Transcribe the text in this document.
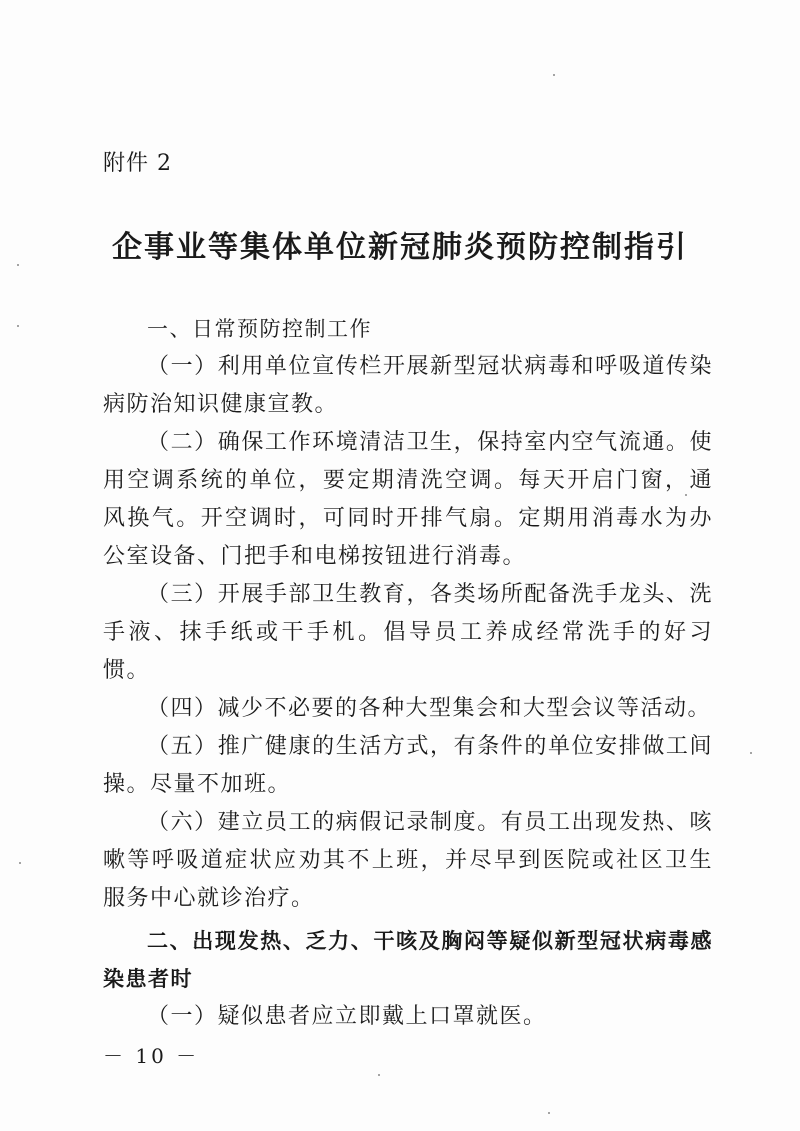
附件 2
企事业等集体单位新冠肺炎预防控制指引

一、日常预防控制工作

（一）利用单位宣传栏开展新型冠状病毒和呼吸道传染病防治知识健康宣教。

（二）确保工作环境清洁卫生，保持室内空气流通。使用空调系统的单位，要定期清洗空调。每天开启门窗，通风换气。开空调时，可同时开排气扇。定期用消毒水为办公室设备、门把手和电梯按钮进行消毒。

（三）开展手部卫生教育，各类场所配备洗手龙头、洗手液、抹手纸或干手机。倡导员工养成经常洗手的好习惯。

（四）减少不必要的各种大型集会和大型会议等活动。

（五）推广健康的生活方式，有条件的单位安排做工间操。尽量不加班。

（六）建立员工的病假记录制度。有员工出现发热、咳嗽等呼吸道症状应劝其不上班，并尽早到医院或社区卫生服务中心就诊治疗。

二、出现发热、乏力、干咳及胸闷等疑似新型冠状病毒感染患者时

（一）疑似患者应立即戴上口罩就医。

－ 10 －
